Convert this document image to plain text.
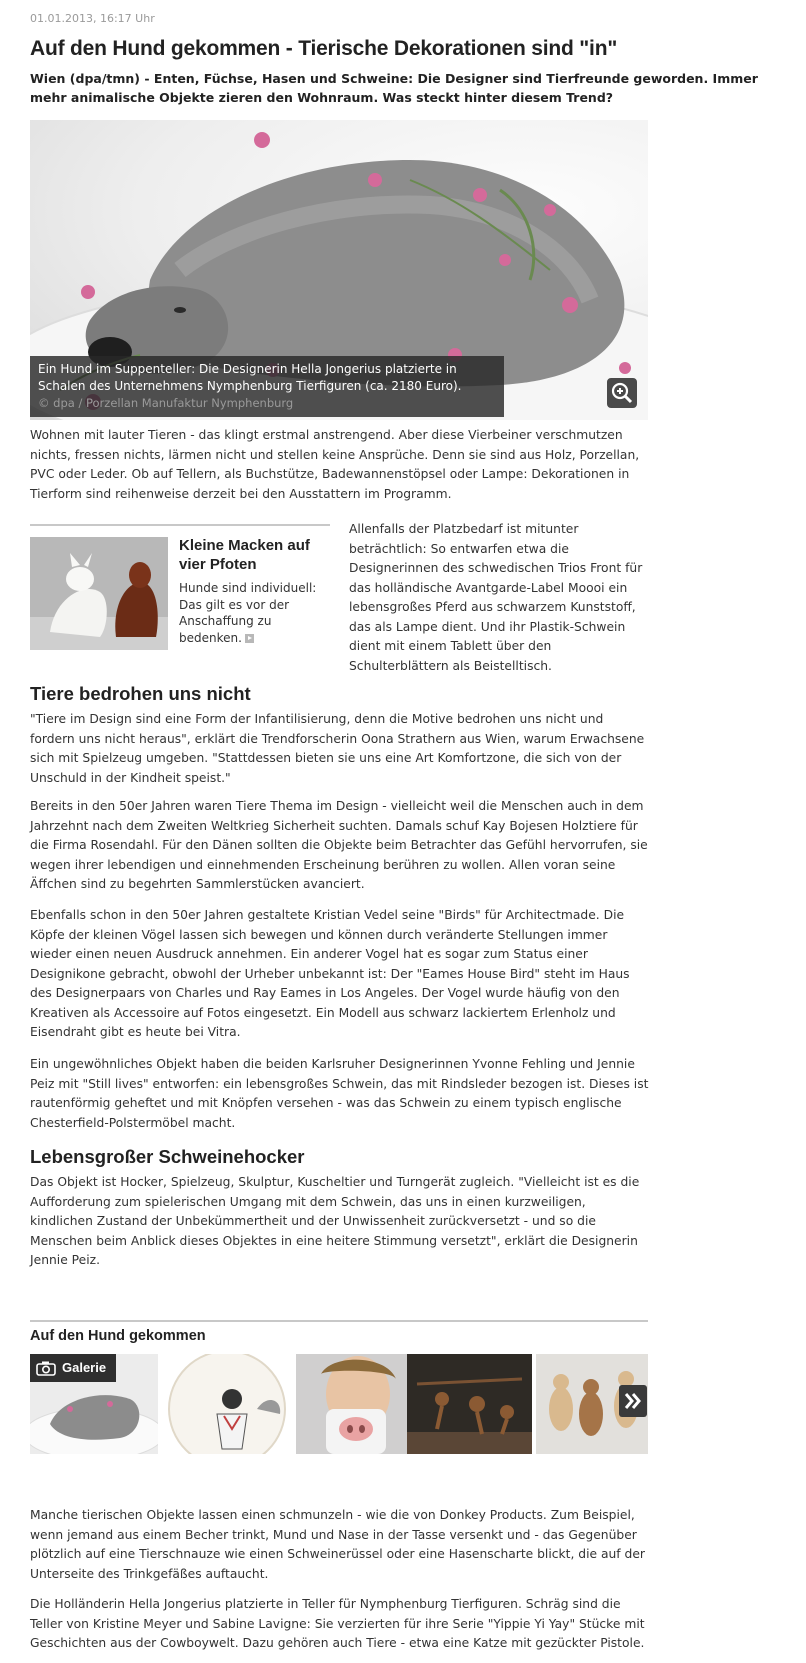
01.01.2013, 16:17 Uhr
Auf den Hund gekommen - Tierische Dekorationen sind "in"

Wien (dpa/tmn) - Enten, Füchse, Hasen und Schweine: Die Designer sind Tierfreunde geworden. Immer mehr animalische Objekte zieren den Wohnraum. Was steckt hinter diesem Trend?

Ein Hund im Suppenteller: Die Designerin Hella Jongerius platzierte in Schalen des Unternehmens Nymphenburg Tierfiguren (ca. 2180 Euro).
© dpa / Porzellan Manufaktur Nymphenburg

Wohnen mit lauter Tieren - das klingt erstmal anstrengend. Aber diese Vierbeiner verschmutzen nichts, fressen nichts, lärmen nicht und stellen keine Ansprüche. Denn sie sind aus Holz, Porzellan, PVC oder Leder. Ob auf Tellern, als Buchstütze, Badewannenstöpsel oder Lampe: Dekorationen in Tierform sind reihenweise derzeit bei den Ausstattern im Programm.

Kleine Macken auf vier Pfoten

Hunde sind individuell: Das gilt es vor der Anschaffung zu bedenken.

Allenfalls der Platzbedarf ist mitunter beträchtlich: So entwarfen etwa die Designerinnen des schwedischen Trios Front für das holländische Avantgarde-Label Moooi ein lebensgroßes Pferd aus schwarzem Kunststoff, das als Lampe dient. Und ihr Plastik-Schwein dient mit einem Tablett über den Schulterblättern als Beistelltisch.

Tiere bedrohen uns nicht

"Tiere im Design sind eine Form der Infantilisierung, denn die Motive bedrohen uns nicht und fordern uns nicht heraus", erklärt die Trendforscherin Oona Strathern aus Wien, warum Erwachsene sich mit Spielzeug umgeben. "Stattdessen bieten sie uns eine Art Komfortzone, die sich von der Unschuld in der Kindheit speist."

Bereits in den 50er Jahren waren Tiere Thema im Design - vielleicht weil die Menschen auch in dem Jahrzehnt nach dem Zweiten Weltkrieg Sicherheit suchten. Damals schuf Kay Bojesen Holztiere für die Firma Rosendahl. Für den Dänen sollten die Objekte beim Betrachter das Gefühl hervorrufen, sie wegen ihrer lebendigen und einnehmenden Erscheinung berühren zu wollen. Allen voran seine Äffchen sind zu begehrten Sammlerstücken avanciert.

Ebenfalls schon in den 50er Jahren gestaltete Kristian Vedel seine "Birds" für Architectmade. Die Köpfe der kleinen Vögel lassen sich bewegen und können durch veränderte Stellungen immer wieder einen neuen Ausdruck annehmen. Ein anderer Vogel hat es sogar zum Status einer Designikone gebracht, obwohl der Urheber unbekannt ist: Der "Eames House Bird" steht im Haus des Designerpaars von Charles und Ray Eames in Los Angeles. Der Vogel wurde häufig von den Kreativen als Accessoire auf Fotos eingesetzt. Ein Modell aus schwarz lackiertem Erlenholz und Eisendraht gibt es heute bei Vitra.

Ein ungewöhnliches Objekt haben die beiden Karlsruher Designerinnen Yvonne Fehling und Jennie Peiz mit "Still lives" entworfen: ein lebensgroßes Schwein, das mit Rindsleder bezogen ist. Dieses ist rautenförmig geheftet und mit Knöpfen versehen - was das Schwein zu einem typisch englische Chesterfield-Polstermöbel macht.

Lebensgroßer Schweinehocker

Das Objekt ist Hocker, Spielzeug, Skulptur, Kuscheltier und Turngerät zugleich. "Vielleicht ist es die Aufforderung zum spielerischen Umgang mit dem Schwein, das uns in einen kurzweiligen, kindlichen Zustand der Unbekümmertheit und der Unwissenheit zurückversetzt - und so die Menschen beim Anblick dieses Objektes in eine heitere Stimmung versetzt", erklärt die Designerin Jennie Peiz.

Auf den Hund gekommen

Galerie

Manche tierischen Objekte lassen einen schmunzeln - wie die von Donkey Products. Zum Beispiel, wenn jemand aus einem Becher trinkt, Mund und Nase in der Tasse versenkt und - das Gegenüber plötzlich auf eine Tierschnauze wie einen Schweinerüssel oder eine Hasenscharte blickt, die auf der Unterseite des Trinkgefäßes auftaucht.

Die Holländerin Hella Jongerius platzierte in Teller für Nymphenburg Tierfiguren. Schräg sind die Teller von Kristine Meyer und Sabine Lavigne: Sie verzierten für ihre Serie "Yippie Yi Yay" Stücke mit Geschichten aus der Cowboywelt. Dazu gehören auch Tiere - etwa eine Katze mit gezückter Pistole.
